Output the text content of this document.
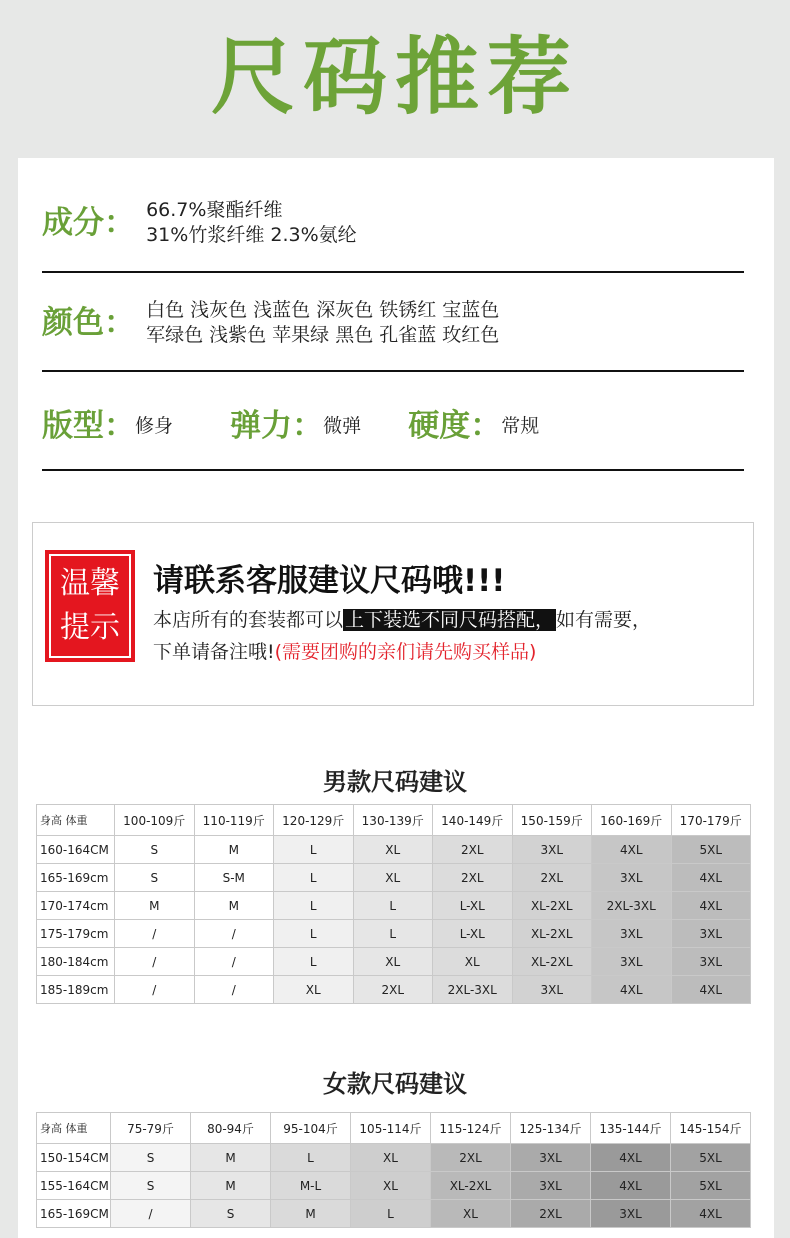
尺码推荐
成分： 66.7%聚酯纤维
31%竹浆纤维 2.3%氨纶
颜色： 白色 浅灰色 浅蓝色 深灰色 铁锈红 宝蓝色
军绿色 浅紫色 苹果绿 黑色 孔雀蓝 玫红色
版型：修身 弹力：微弹 硬度：常规
温馨
提示
请联系客服建议尺码哦!!!
本店所有的套装都可以 上下装选不同尺码搭配， 如有需要，
下单请备注哦!(需要团购的亲们请先购买样品)
男款尺码建议
身高 体重	100-109斤	110-119斤	120-129斤	130-139斤	140-149斤	150-159斤	160-169斤	170-179斤
160-164CM	S	M	L	XL	2XL	3XL	4XL	5XL
165-169cm	S	S-M	L	XL	2XL	2XL	3XL	4XL
170-174cm	M	M	L	L	L-XL	XL-2XL	2XL-3XL	4XL
175-179cm	/	/	L	L	L-XL	XL-2XL	3XL	3XL
180-184cm	/	/	L	XL	XL	XL-2XL	3XL	3XL
185-189cm	/	/	XL	2XL	2XL-3XL	3XL	4XL	4XL
女款尺码建议
身高 体重	75-79斤	80-94斤	95-104斤	105-114斤	115-124斤	125-134斤	135-144斤	145-154斤
150-154CM	S	M	L	XL	2XL	3XL	4XL	5XL
155-164CM	S	M	M-L	XL	XL-2XL	3XL	4XL	5XL
165-169CM	/	S	M	L	XL	2XL	3XL	4XL
